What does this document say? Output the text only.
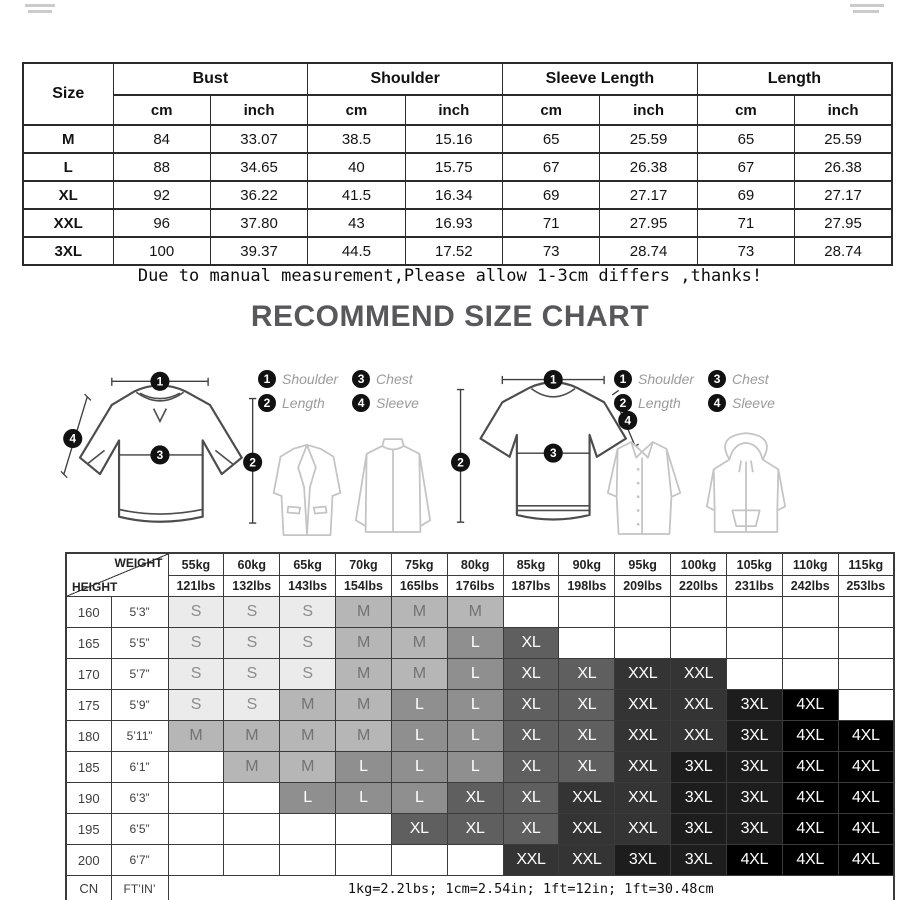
Size	Bust		Shoulder		Sleeve Length		Length	
	cm	inch	cm	inch	cm	inch	cm	inch
M	84	33.07	38.5	15.16	65	25.59	65	25.59
L	88	34.65	40	15.75	67	26.38	67	26.38
XL	92	36.22	41.5	16.34	69	27.17	69	27.17
XXL	96	37.80	43	16.93	71	27.95	71	27.95
3XL	100	39.37	44.5	17.52	73	28.74	73	28.74
Due to manual measurement,Please allow 1-3cm differs ,thanks!
RECOMMEND SIZE CHART
1
3
2
4
1 Shoulder
2 Length
3 Chest
4 Sleeve
1
3
2
4
1 Shoulder
2 Length
3 Chest
4 Sleeve
WEIGHT
HEIGHT		55kg	60kg	65kg	70kg	75kg	80kg	85kg	90kg	95kg	100kg	105kg	110kg	115kg
		121lbs	132lbs	143lbs	154lbs	165lbs	176lbs	187lbs	198lbs	209lbs	220lbs	231lbs	242lbs	253lbs
160	5’3”	S	S	S	M	M	M							
165	5’5”	S	S	S	M	M	L	XL						
170	5’7”	S	S	S	M	M	L	XL	XL	XXL	XXL			
175	5’9”	S	S	M	M	L	L	XL	XL	XXL	XXL	3XL	4XL	
180	5’11”	M	M	M	M	L	L	XL	XL	XXL	XXL	3XL	4XL	4XL
185	6’1”		M	M	L	L	L	XL	XL	XXL	3XL	3XL	4XL	4XL
190	6’3”			L	L	L	XL	XL	XXL	XXL	3XL	3XL	4XL	4XL
195	6’5”					XL	XL	XL	XXL	XXL	3XL	3XL	4XL	4XL
200	6’7”							XXL	XXL	3XL	3XL	4XL	4XL	4XL
CN	FT’IN’	1kg=2.2lbs; 1cm=2.54in; 1ft=12in; 1ft=30.48cm												
